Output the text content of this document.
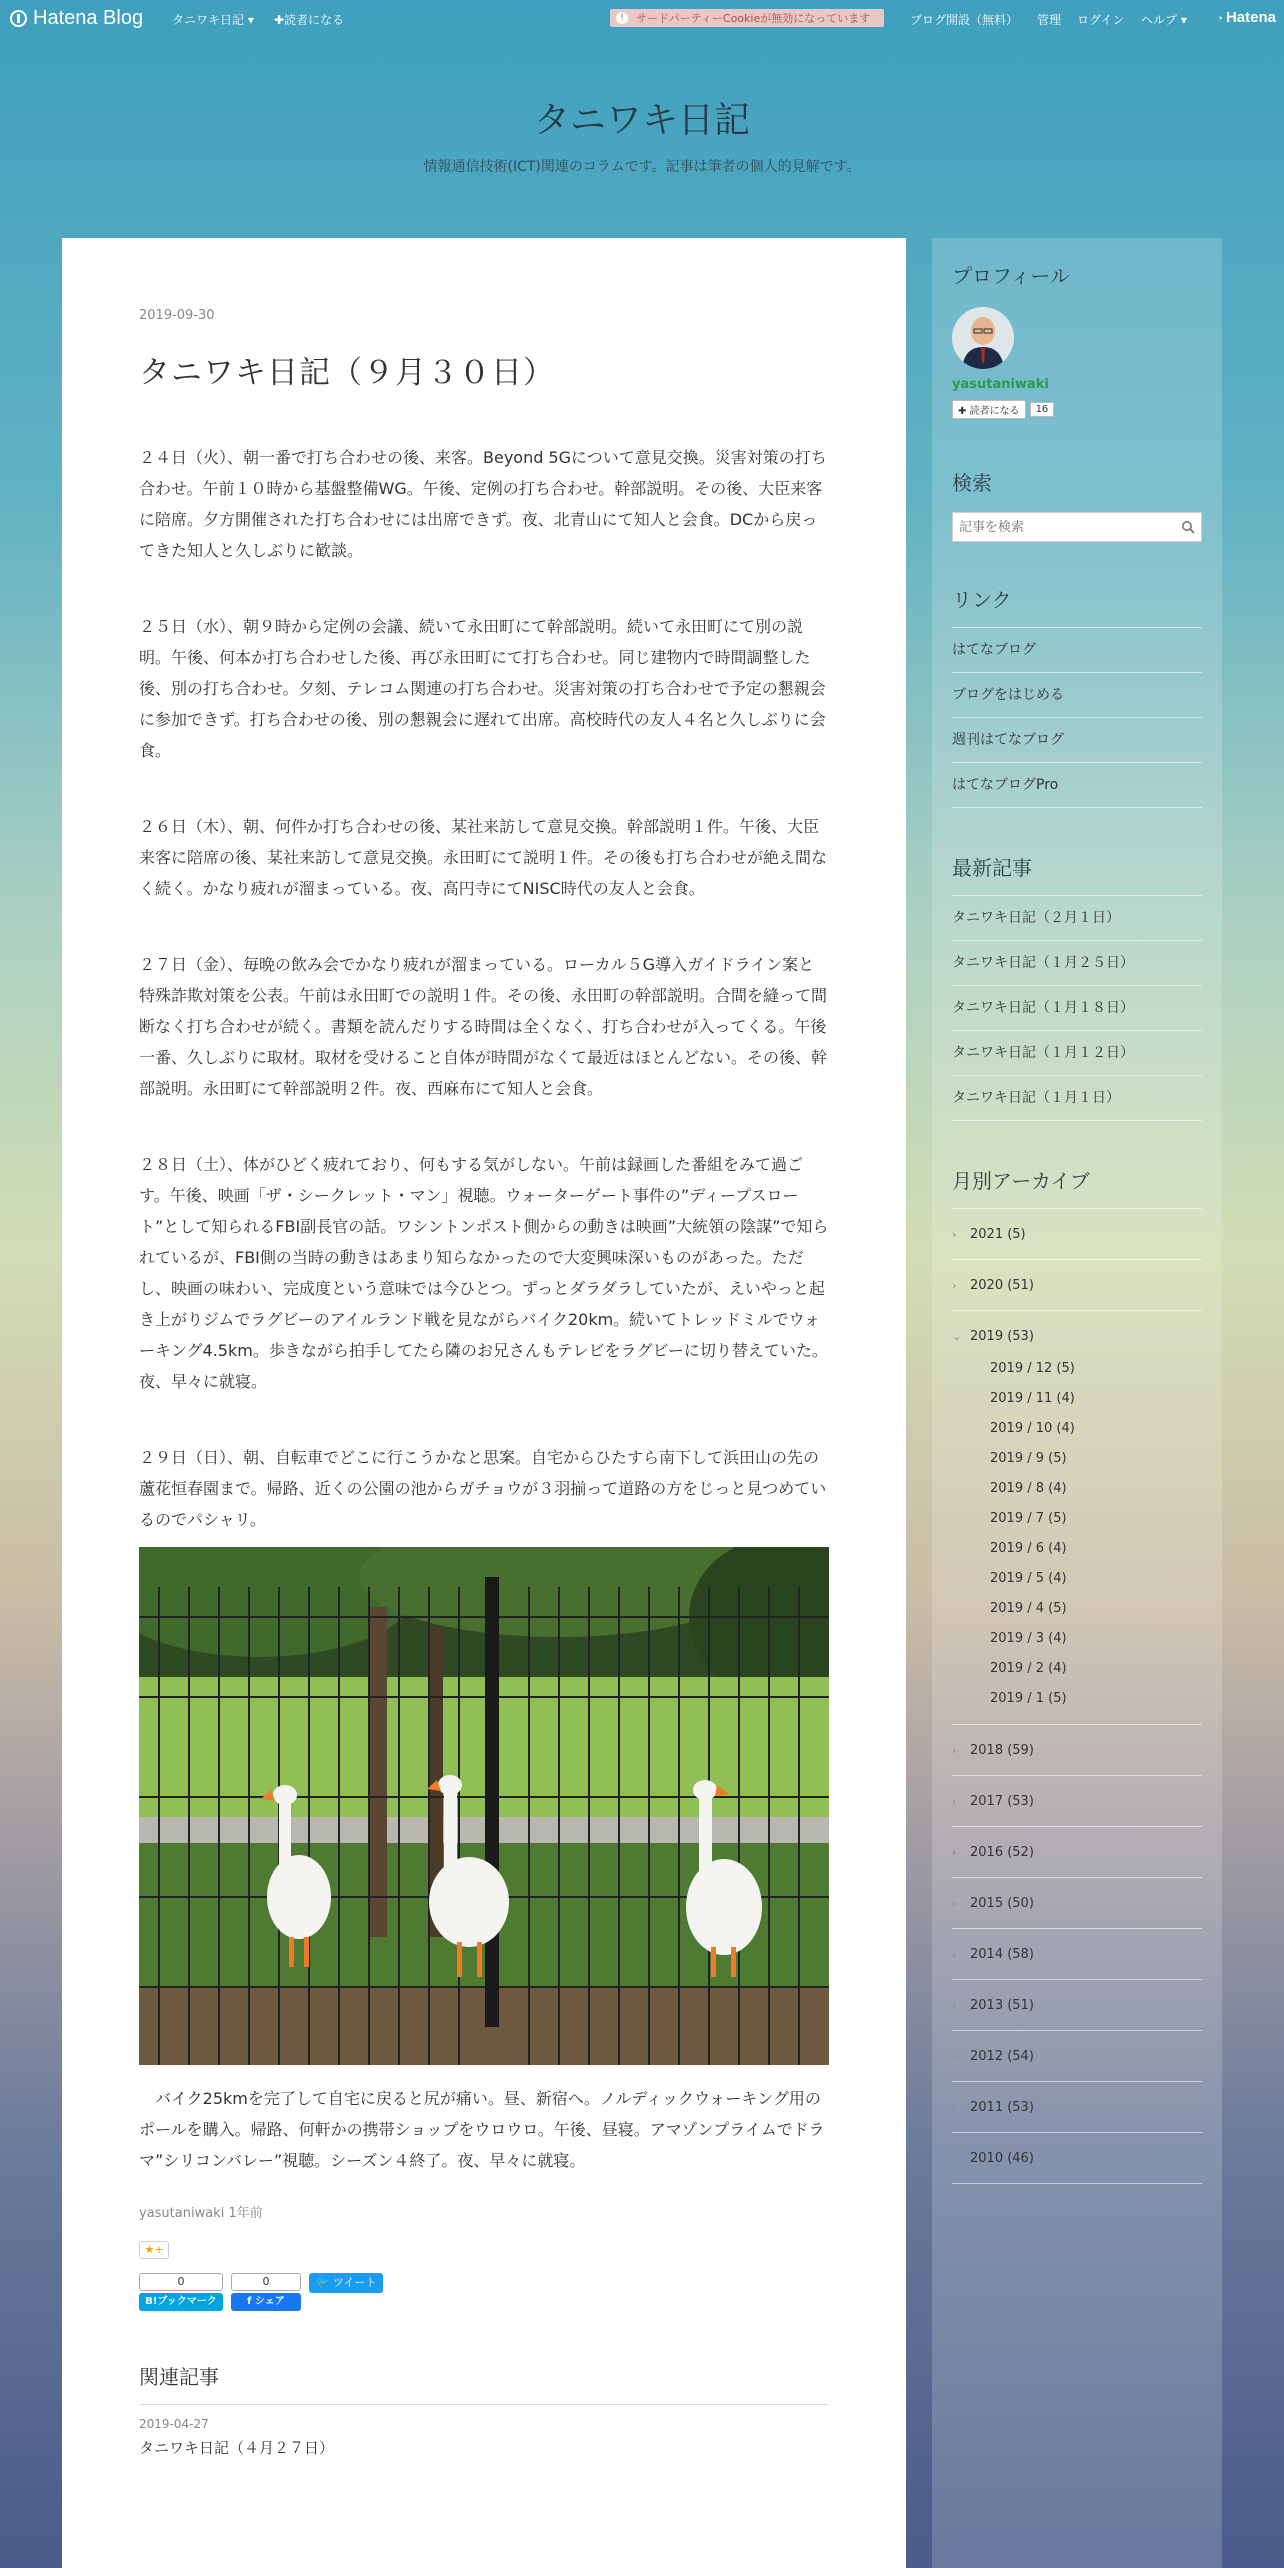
Hatena Blog タニワキ日記 ▾ ✚読者になる	!	サードパーティーCookieが無効になっています	ブログ開設（無料） 管理 ログイン ヘルプ ▾	◔ Hatena
タニワキ日記

情報通信技術(ICT)関連のコラムです。記事は筆者の個人的見解です。

2019-09-30
タニワキ日記（９月３０日）

２４日（火）、朝一番で打ち合わせの後、来客。Beyond 5Gについて意見交換。災害対策の打ち合わせ。午前１０時から基盤整備WG。午後、定例の打ち合わせ。幹部説明。その後、大臣来客に陪席。夕方開催された打ち合わせには出席できず。夜、北青山にて知人と会食。DCから戻ってきた知人と久しぶりに歓談。

２５日（水）、朝９時から定例の会議、続いて永田町にて幹部説明。続いて永田町にて別の説明。午後、何本か打ち合わせした後、再び永田町にて打ち合わせ。同じ建物内で時間調整した後、別の打ち合わせ。夕刻、テレコム関連の打ち合わせ。災害対策の打ち合わせで予定の懇親会に参加できず。打ち合わせの後、別の懇親会に遅れて出席。高校時代の友人４名と久しぶりに会食。

２６日（木）、朝、何件か打ち合わせの後、某社来訪して意見交換。幹部説明１件。午後、大臣来客に陪席の後、某社来訪して意見交換。永田町にて説明１件。その後も打ち合わせが絶え間なく続く。かなり疲れが溜まっている。夜、高円寺にてNISC時代の友人と会食。

２７日（金）、毎晩の飲み会でかなり疲れが溜まっている。ローカル５G導入ガイドライン案と特殊詐欺対策を公表。午前は永田町での説明１件。その後、永田町の幹部説明。合間を縫って間断なく打ち合わせが続く。書類を読んだりする時間は全くなく、打ち合わせが入ってくる。午後一番、久しぶりに取材。取材を受けること自体が時間がなくて最近はほとんどない。その後、幹部説明。永田町にて幹部説明２件。夜、西麻布にて知人と会食。

２８日（土）、体がひどく疲れており、何もする気がしない。午前は録画した番組をみて過ごす。午後、映画「ザ・シークレット・マン」視聴。ウォーターゲート事件の”ディープスロート”として知られるFBI副長官の話。ワシントンポスト側からの動きは映画”大統領の陰謀”で知られているが、FBI側の当時の動きはあまり知らなかったので大変興味深いものがあった。ただし、映画の味わい、完成度という意味では今ひとつ。ずっとダラダラしていたが、えいやっと起き上がりジムでラグビーのアイルランド戦を見ながらバイク20km。続いてトレッドミルでウォーキング4.5km。歩きながら拍手してたら隣のお兄さんもテレビをラグビーに切り替えていた。夜、早々に就寝。

２９日（日）、朝、自転車でどこに行こうかなと思案。自宅からひたすら南下して浜田山の先の蘆花恒春園まで。帰路、近くの公園の池からガチョウが３羽揃って道路の方をじっと見つめているのでパシャリ。

　バイク25kmを完了して自宅に戻ると尻が痛い。昼、新宿へ。ノルディックウォーキング用のポールを購入。帰路、何軒かの携帯ショップをウロウロ。午後、昼寝。アマゾンプライムでドラマ”シリコンバレー”視聴。シーズン４終了。夜、早々に就寝。

yasutaniwaki 1年前
★+
0
B!ブックマーク
0
f シェア
🐦 ツイート
関連記事
2019-04-27
タニワキ日記（４月２７日）
プロフィール
yasutaniwaki
✚ 読者になる	16
検索
記事を検索
リンク
はてなブログ
ブログをはじめる
週刊はてなブログ
はてなブログPro
最新記事
タニワキ日記（２月１日）
タニワキ日記（１月２５日）
タニワキ日記（１月１８日）
タニワキ日記（１月１２日）
タニワキ日記（１月１日）
月別アーカイブ
›	2021 (5)
›	2020 (51)
⌄ 2019 (53)
2019 / 12 (5)
2019 / 11 (4)
2019 / 10 (4)
2019 / 9 (5)
2019 / 8 (4)
2019 / 7 (5)
2019 / 6 (4)
2019 / 5 (4)
2019 / 4 (5)
2019 / 3 (4)
2019 / 2 (4)
2019 / 1 (5)
›	2018 (59)
›	2017 (53)
›	2016 (52)
›	2015 (50)
›	2014 (58)
›	2013 (51)
›	2012 (54)
›	2011 (53)
›	2010 (46)
